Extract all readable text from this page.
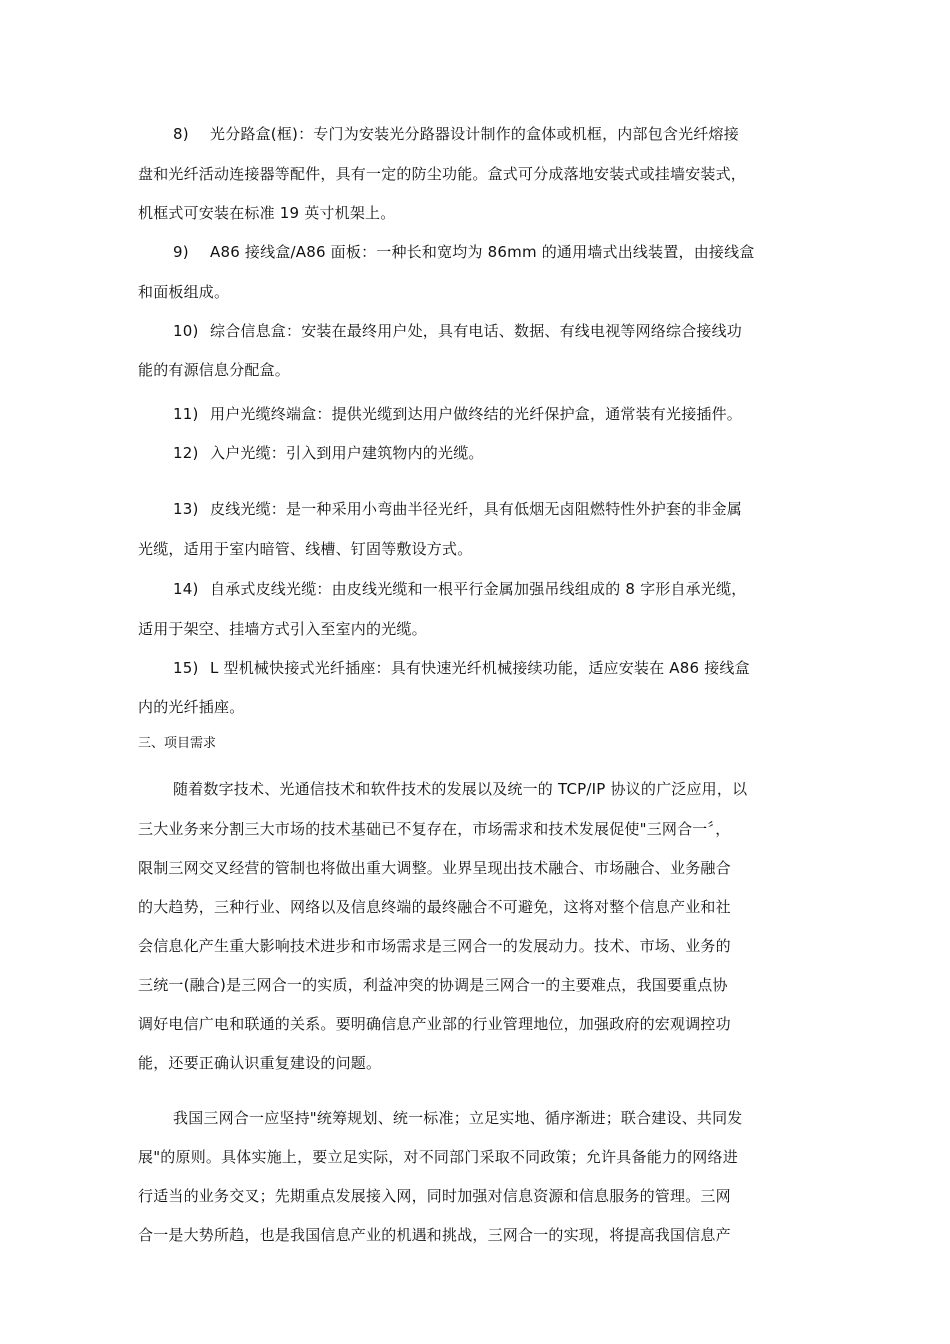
8) 光分路盒(框)：专门为安装光分路器设计制作的盒体或机框，内部包含光纤熔接
盘和光纤活动连接器等配件，具有一定的防尘功能。盒式可分成落地安装式或挂墙安装式，
机框式可安装在标准 19 英寸机架上。
9) A86 接线盒/A86 面板：一种长和宽均为 86mm 的通用墙式出线装置，由接线盒
和面板组成。
10) 综合信息盒：安装在最终用户处，具有电话、数据、有线电视等网络综合接线功
能的有源信息分配盒。
11) 用户光缆终端盒：提供光缆到达用户做终结的光纤保护盒，通常装有光接插件。
12) 入户光缆：引入到用户建筑物内的光缆。
13) 皮线光缆：是一种采用小弯曲半径光纤，具有低烟无卤阻燃特性外护套的非金属
光缆，适用于室内暗管、线槽、钉固等敷设方式。
14) 自承式皮线光缆：由皮线光缆和一根平行金属加强吊线组成的 8 字形自承光缆，
适用于架空、挂墙方式引入至室内的光缆。
15) L 型机械快接式光纤插座：具有快速光纤机械接续功能，适应安装在 A86 接线盒
内的光纤插座。
三、项目需求
随着数字技术、光通信技术和软件技术的发展以及统一的 TCP/IP 协议的广泛应用，以
三大业务来分割三大市场的技术基础已不复存在，市场需求和技术发展促使"三网合一〞，
限制三网交叉经营的管制也将做出重大调整。业界呈现出技术融合、市场融合、业务融合
的大趋势，三种行业、网络以及信息终端的最终融合不可避免，这将对整个信息产业和社
会信息化产生重大影响技术进步和市场需求是三网合一的发展动力。技术、市场、业务的
三统一(融合)是三网合一的实质，利益冲突的协调是三网合一的主要难点，我国要重点协
调好电信广电和联通的关系。要明确信息产业部的行业管理地位，加强政府的宏观调控功
能，还要正确认识重复建设的问题。
我国三网合一应坚持"统筹规划、统一标准；立足实地、循序渐进；联合建设、共同发
展"的原则。具体实施上，要立足实际，对不同部门采取不同政策；允许具备能力的网络进
行适当的业务交叉；先期重点发展接入网，同时加强对信息资源和信息服务的管理。三网
合一是大势所趋，也是我国信息产业的机遇和挑战，三网合一的实现，将提高我国信息产
